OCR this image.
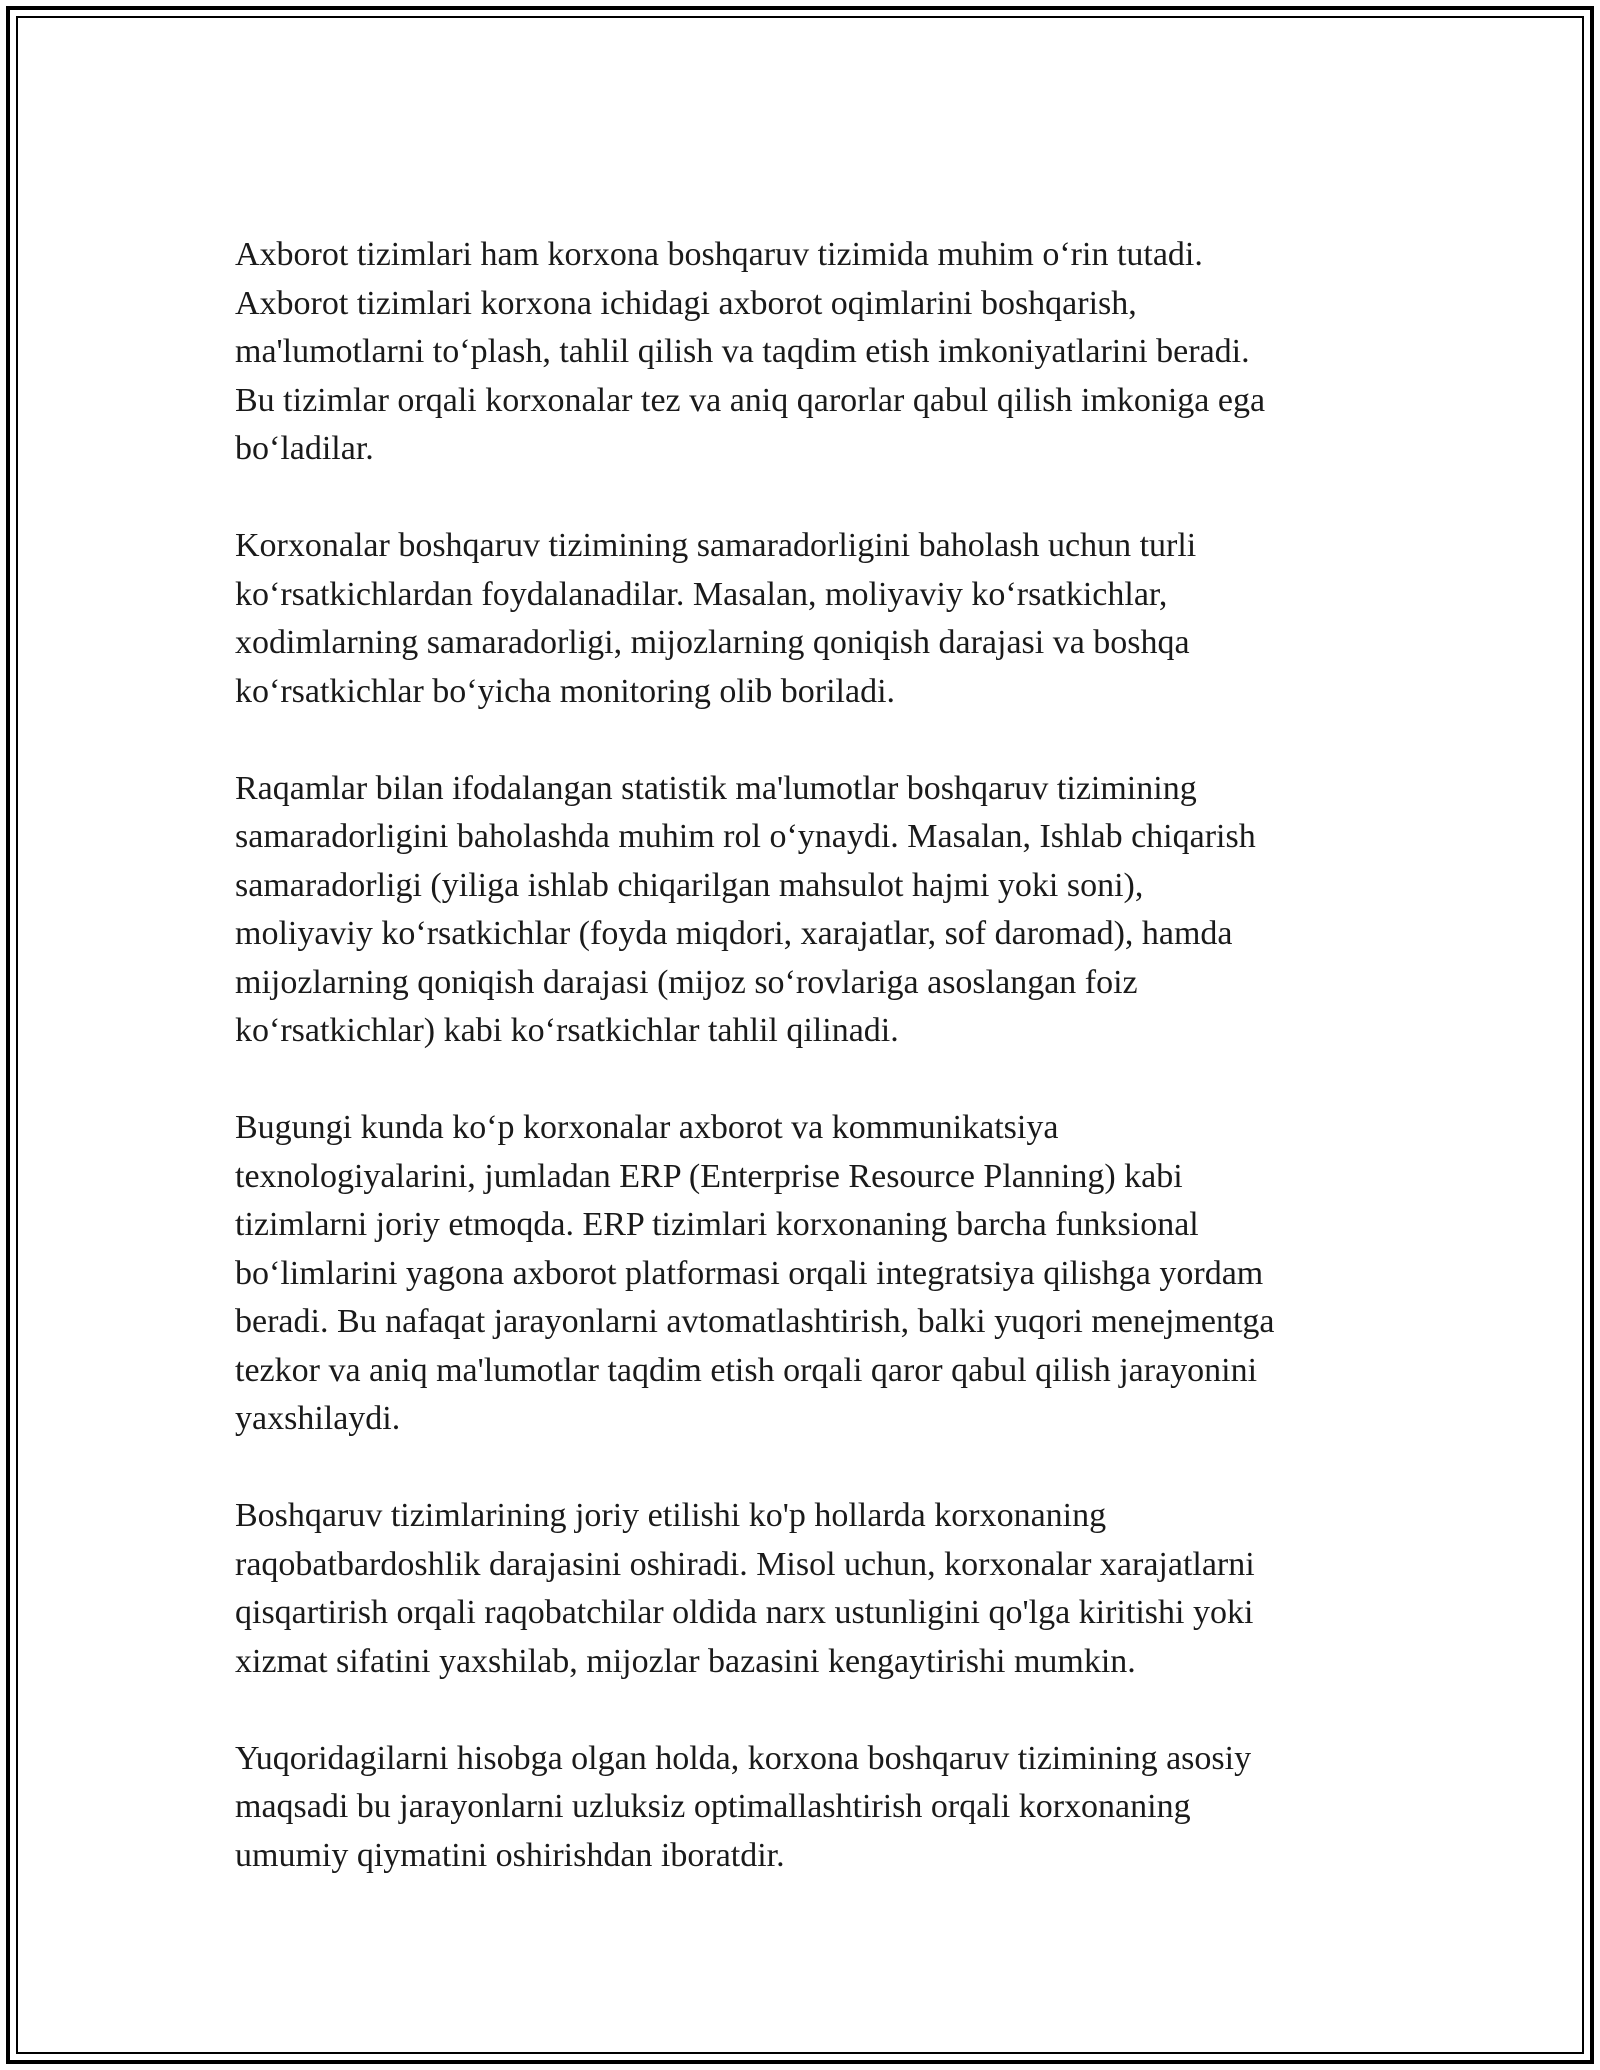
Axborot tizimlari ham korxona boshqaruv tizimida muhim o‘rin tutadi.
Axborot tizimlari korxona ichidagi axborot oqimlarini boshqarish,
ma'lumotlarni to‘plash, tahlil qilish va taqdim etish imkoniyatlarini beradi.
Bu tizimlar orqali korxonalar tez va aniq qarorlar qabul qilish imkoniga ega
bo‘ladilar.

Korxonalar boshqaruv tizimining samaradorligini baholash uchun turli
ko‘rsatkichlardan foydalanadilar. Masalan, moliyaviy ko‘rsatkichlar,
xodimlarning samaradorligi, mijozlarning qoniqish darajasi va boshqa
ko‘rsatkichlar bo‘yicha monitoring olib boriladi.

Raqamlar bilan ifodalangan statistik ma'lumotlar boshqaruv tizimining
samaradorligini baholashda muhim rol o‘ynaydi. Masalan, Ishlab chiqarish
samaradorligi (yiliga ishlab chiqarilgan mahsulot hajmi yoki soni),
moliyaviy ko‘rsatkichlar (foyda miqdori, xarajatlar, sof daromad), hamda
mijozlarning qoniqish darajasi (mijoz so‘rovlariga asoslangan foiz
ko‘rsatkichlar) kabi ko‘rsatkichlar tahlil qilinadi.

Bugungi kunda ko‘p korxonalar axborot va kommunikatsiya
texnologiyalarini, jumladan ERP (Enterprise Resource Planning) kabi
tizimlarni joriy etmoqda. ERP tizimlari korxonaning barcha funksional
bo‘limlarini yagona axborot platformasi orqali integratsiya qilishga yordam
beradi. Bu nafaqat jarayonlarni avtomatlashtirish, balki yuqori menejmentga
tezkor va aniq ma'lumotlar taqdim etish orqali qaror qabul qilish jarayonini
yaxshilaydi.

Boshqaruv tizimlarining joriy etilishi ko'p hollarda korxonaning
raqobatbardoshlik darajasini oshiradi. Misol uchun, korxonalar xarajatlarni
qisqartirish orqali raqobatchilar oldida narx ustunligini qo'lga kiritishi yoki
xizmat sifatini yaxshilab, mijozlar bazasini kengaytirishi mumkin.

Yuqoridagilarni hisobga olgan holda, korxona boshqaruv tizimining asosiy
maqsadi bu jarayonlarni uzluksiz optimallashtirish orqali korxonaning
umumiy qiymatini oshirishdan iboratdir.
